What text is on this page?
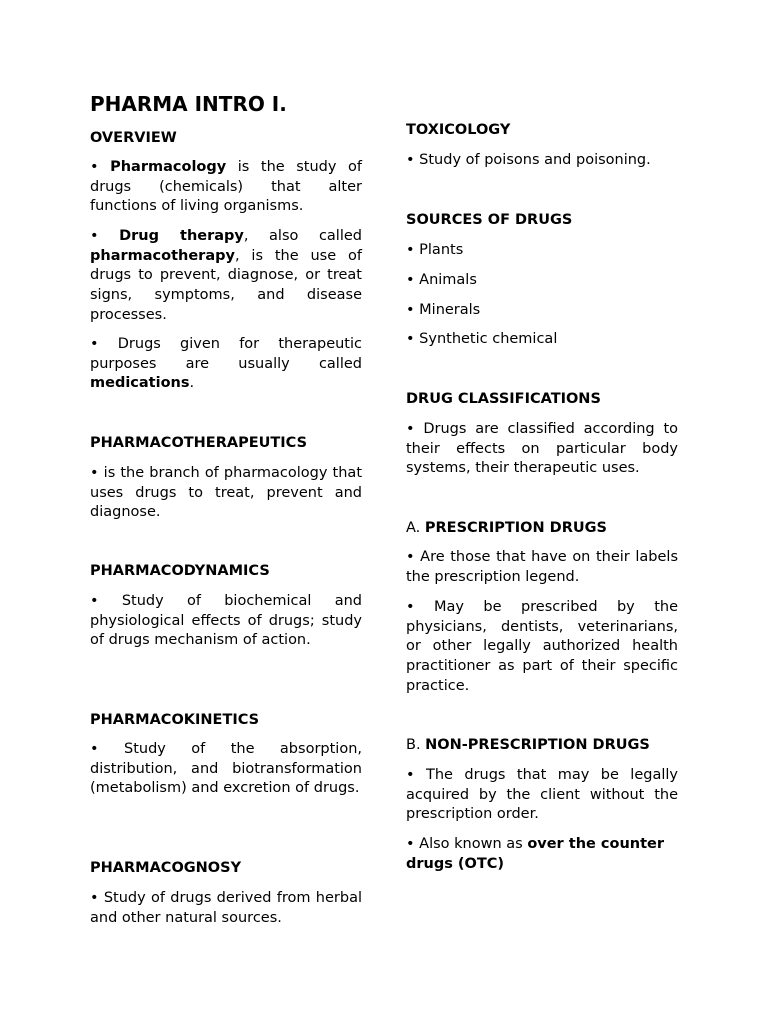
PHARMA INTRO I.
OVERVIEW

• Pharmacology is the study of drugs (chemicals) that alter functions of living organisms.

• Drug therapy, also called pharmacotherapy, is the use of drugs to prevent, diagnose, or treat signs, symptoms, and disease processes.

• Drugs given for therapeutic purposes are usually called medications.

PHARMACOTHERAPEUTICS

• is the branch of pharmacology that uses drugs to treat, prevent and diagnose.

PHARMACODYNAMICS

• Study of biochemical and physiological effects of drugs; study of drugs mechanism of action.

PHARMACOKINETICS

• Study of the absorption, distribution, and biotransformation (metabolism) and excretion of drugs.

PHARMACOGNOSY

• Study of drugs derived from herbal and other natural sources.

TOXICOLOGY

• Study of poisons and poisoning.

SOURCES OF DRUGS
• Plants
• Animals
• Minerals
• Synthetic chemical
DRUG CLASSIFICATIONS

• Drugs are classified according to their effects on particular body systems, their therapeutic uses.

A. PRESCRIPTION DRUGS

• Are those that have on their labels the prescription legend.

• May be prescribed by the physicians, dentists, veterinarians, or other legally authorized health practitioner as part of their specific practice.

B. NON-PRESCRIPTION DRUGS

• The drugs that may be legally acquired by the client without the prescription order.

• Also known as over the counter drugs (OTC)
